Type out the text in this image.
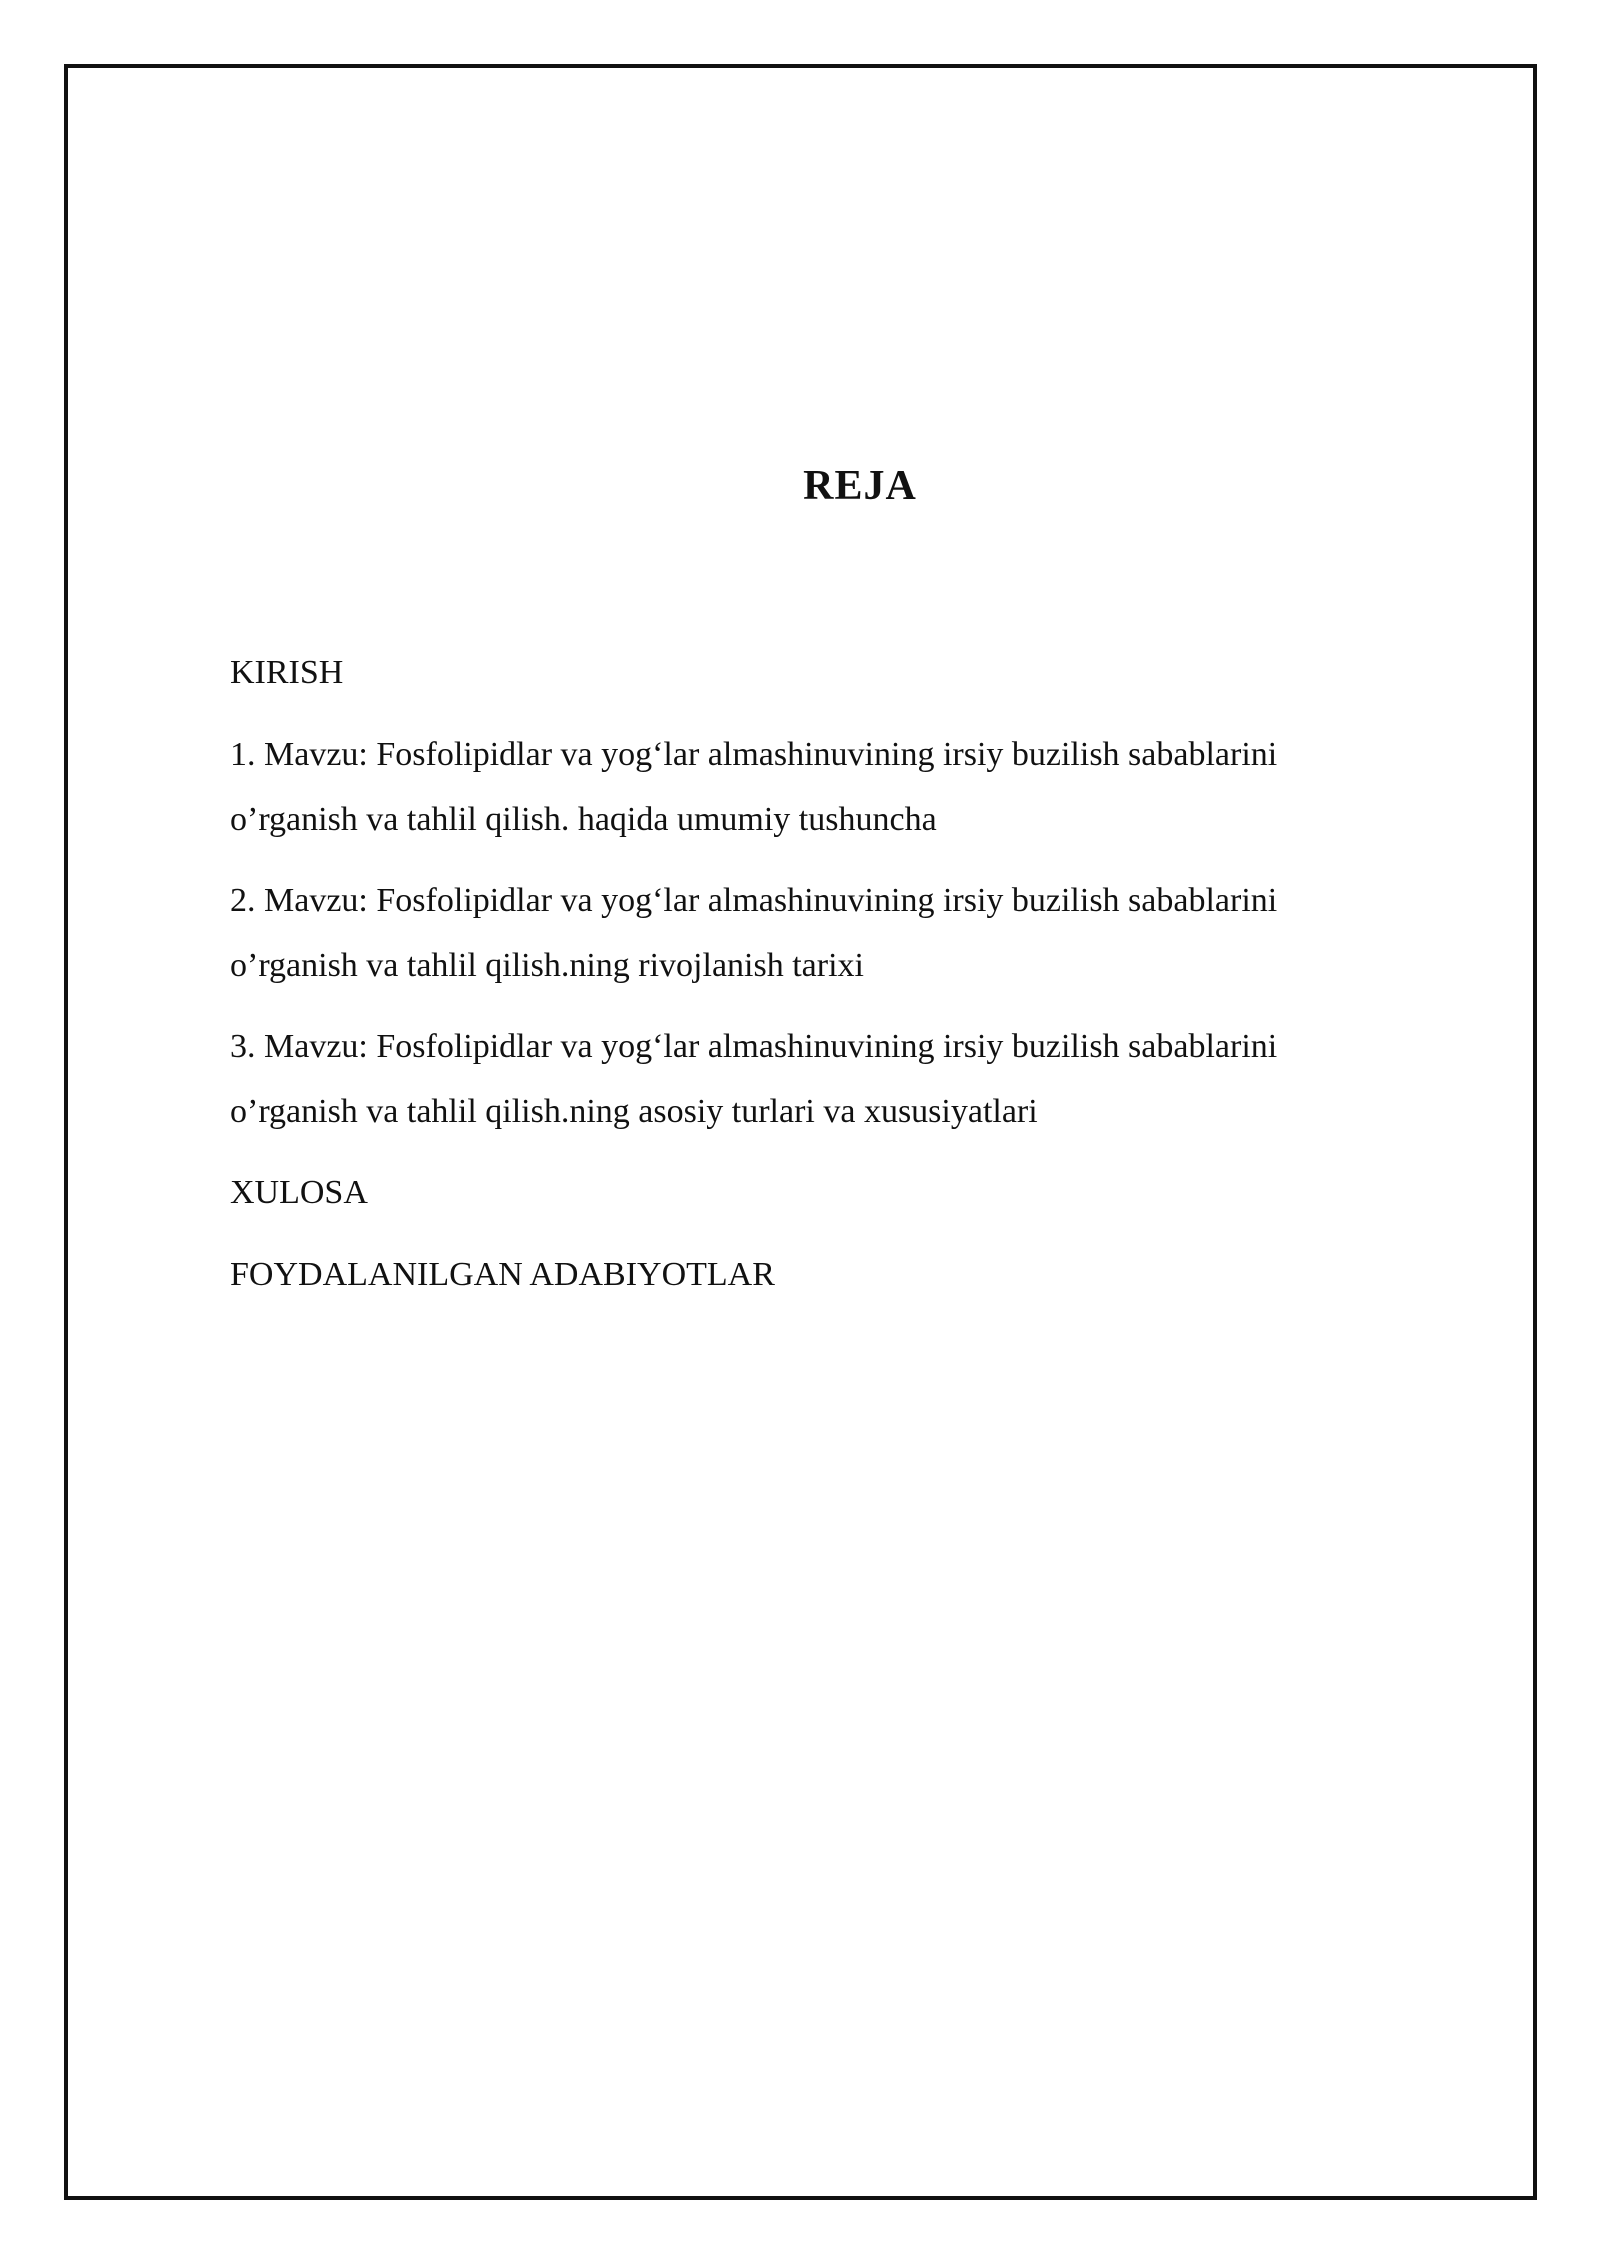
REJA

KIRISH

1. Mavzu: Fosfolipidlar va yog‘lar almashinuvining irsiy buzilish sabablarini o’rganish va tahlil qilish. haqida umumiy tushuncha

2. Mavzu: Fosfolipidlar va yog‘lar almashinuvining irsiy buzilish sabablarini o’rganish va tahlil qilish.ning rivojlanish tarixi

3. Mavzu: Fosfolipidlar va yog‘lar almashinuvining irsiy buzilish sabablarini o’rganish va tahlil qilish.ning asosiy turlari va xususiyatlari

XULOSA

FOYDALANILGAN ADABIYOTLAR
